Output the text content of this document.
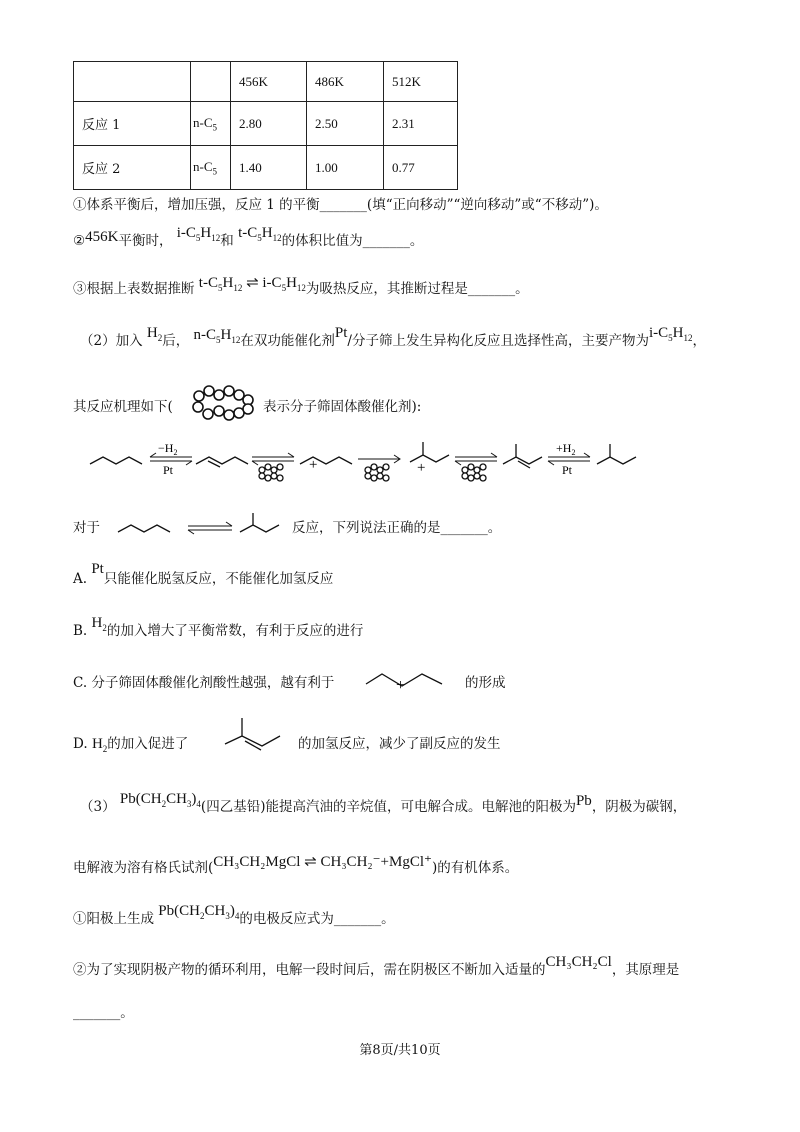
		456K	486K	512K
反应 1	$n-C_5$	2.80	2.50	2.31
反应 2	$n-C_5$	1.40	1.00	0.77
①体系平衡后，增加压强，反应 1 的平衡_______(填“正向移动”“逆向移动”或“不移动”)。
②456K平衡时， $i-C_5H_{12}$和 $t-C_5H_{12}$的体积比值为_______。
③根据上表数据推断 $t-C_5H_{12}$ ⇌ $i-C_5H_{12}$为吸热反应，其推断过程是_______。
（2）加入 $H_2$后， $n-C_5H_{12}$在双功能催化剂Pt/分子筛上发生异构化反应且选择性高，主要产物为$i-C_5H_{12}$，
其反应机理如下(	表示分子筛固体酸催化剂):
$-H_2$
Pt	+	+
$+H_2$
Pt
对于	反应，下列说法正确的是_______。
A. Pt只能催化脱氢反应，不能催化加氢反应
B. $H_2$的加入增大了平衡常数，有利于反应的进行
C. 分子筛固体酸催化剂酸性越强，越有利于	+	的形成
D. $H_2$的加入促进了	的加氢反应，减少了副反应的发生
（3） $Pb(CH_2CH_3)_4$(四乙基铅)能提高汽油的辛烷值，可电解合成。电解池的阳极为Pb，阴极为碳钢，
电解液为溶有格氏试剂(CH₃CH₂MgCl ⇌ CH₃CH₂⁻+MgCl⁺)的有机体系。
①阳极上生成 $Pb(CH_2CH_3)_4$的电极反应式为_______。
②为了实现阴极产物的循环利用，电解一段时间后，需在阴极区不断加入适量的CH₃CH₂Cl，其原理是
_______。
第8页/共10页
